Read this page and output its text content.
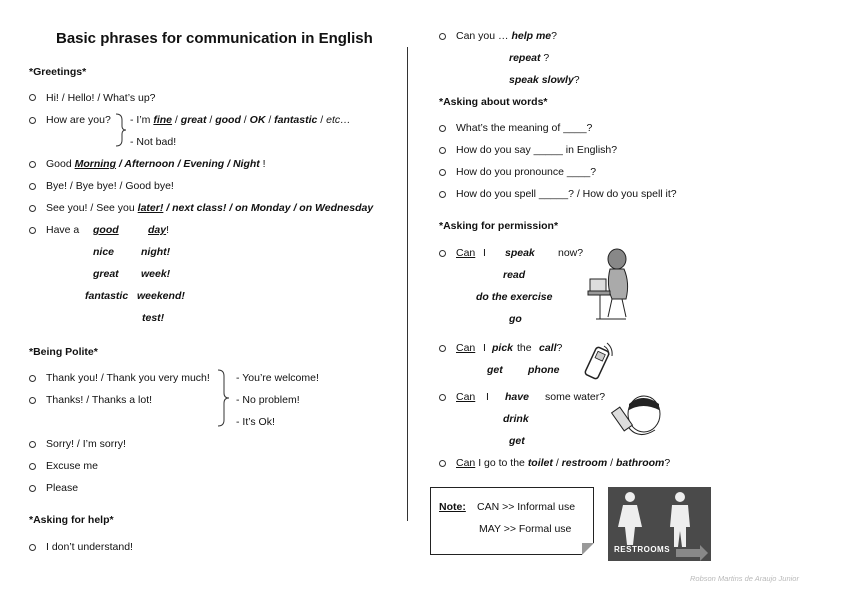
Basic phrases for communication in English
*Greetings*
Hi! / Hello! / What’s up?
How are you? - I’m fine / great / good / OK / fantastic / etc…
- Not bad!
Good Morning / Afternoon / Evening / Night !
Bye! / Bye bye! / Good bye!
See you! / See you later! / next class! / on Monday / on Wednesday
Have a good	day!
nice	night!
great week!
fantastic weekend!
test!
*Being Polite*
Thank you! / Thank you very much!
Thanks! / Thanks a lot!
- You’re welcome!
- No problem!
- It’s Ok!
Sorry! / I’m sorry!
Excuse me
Please
*Asking for help*
I don’t understand!
Can you … help me?
repeat ?
speak slowly?
*Asking about words*
What’s the meaning of ____?
How do you say _____ in English?
How do you pronounce ____?
How do you spell _____? / How do you spell it?
*Asking for permission*
Can I speak now?
read
do the exercise
go
Can I pick the call?
get phone
Can I have some water?
drink
get
Can I go to the toilet / restroom / bathroom?
Note: CAN >> Informal use
MAY >> Formal use
RESTROOMS
Robson Martins de Araujo Junior
